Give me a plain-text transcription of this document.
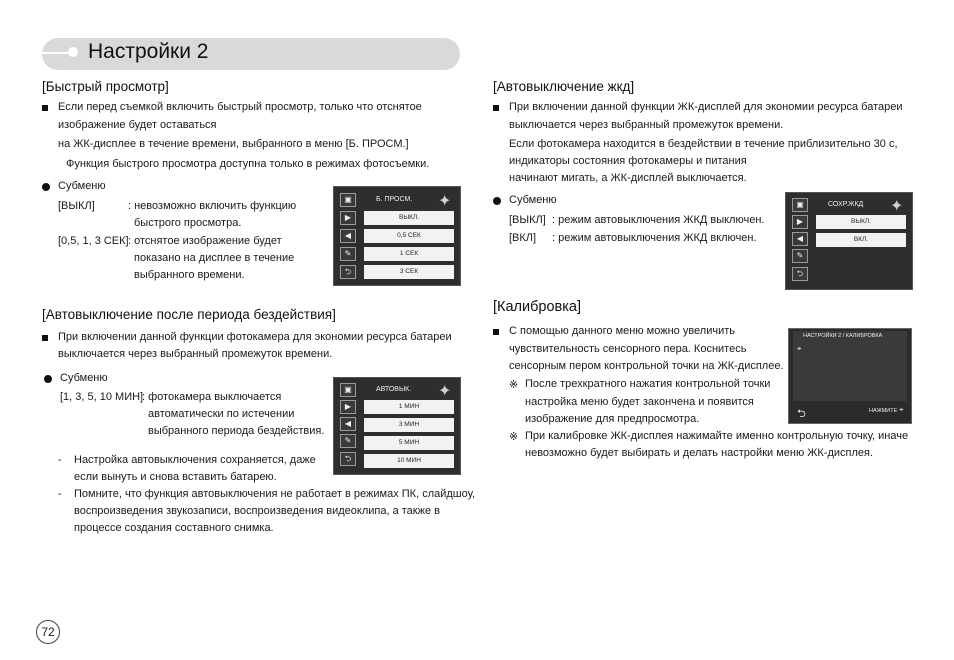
Настройки 2
[Быстрый просмотр]
Если перед съемкой включить быстрый просмотр, только что отснятое
изображение будет оставаться
на ЖК-дисплее в течение времени, выбранного в меню [Б. ПРОСМ.]
Функция быстрого просмотра доступна только в режимах фотосъемки.
Субменю
[ВЫКЛ]	: невозможно включить функцию
быстрого просмотра.
[0,5, 1, 3 СЕК] : отснятое изображение будет
показано на дисплее в течение
выбранного времени.
▣
▶
◀
✎
⮌
Б. ПРОСМ. ✦
ВЫКЛ.
0,5 СЕК
1 СЕК
3 СЕК
[Автовыключение после периода бездействия]
При включении данной функции фотокамера для экономии ресурса батареи
выключается через выбранный промежуток времени.
Субменю
[1, 3, 5, 10 МИН]
: фотокамера выключается
автоматически по истечении
выбранного периода бездействия.
- Настройка автовыключения сохраняется, даже
если вынуть и снова вставить батарею.
- Помните, что функция автовыключения не работает в режимах ПК, слайдшоу,
воспроизведения звукозаписи, воспроизведения видеоклипа, а также в
процессе создания составного снимка.
▣
▶
◀
✎
⮌
АВТОВЫК. ✦
1 МИН
3 МИН
5 МИН
10 МИН
[Автовыключение жкд]
При включении данной функции ЖК-дисплей для экономии ресурса батареи
выключается через выбранный промежуток времени.
Если фотокамера находится в бездействии в течение приблизительно 30 с,
индикаторы состояния фотокамеры и питания
начинают мигать, а ЖК-дисплей выключается.
Субменю
[ВЫКЛ] : режим автовыключения ЖКД выключен.
[ВКЛ] : режим автовыключения ЖКД включен.
▣
▶
◀
✎
⮌
СОХР.ЖКД ✦
ВЫКЛ.
ВКЛ.
[Калибровка]
С помощью данного меню можно увеличить
чувствительность сенсорного пера. Коснитесь
сенсорным пером контрольной точки на ЖК-дисплее.
※ После трехкратного нажатия контрольной точки
настройка меню будет закончена и появится
изображение для предпросмотра.
※ При калибровке ЖК-дисплея нажимайте именно контрольную точку, иначе
невозможно будет выбирать и делать настройки меню ЖК-дисплея.
НАСТРОЙКИ 2 / КАЛИБРОВКА
⌖
⮌	НАЖМИТЕ ⌖
72
